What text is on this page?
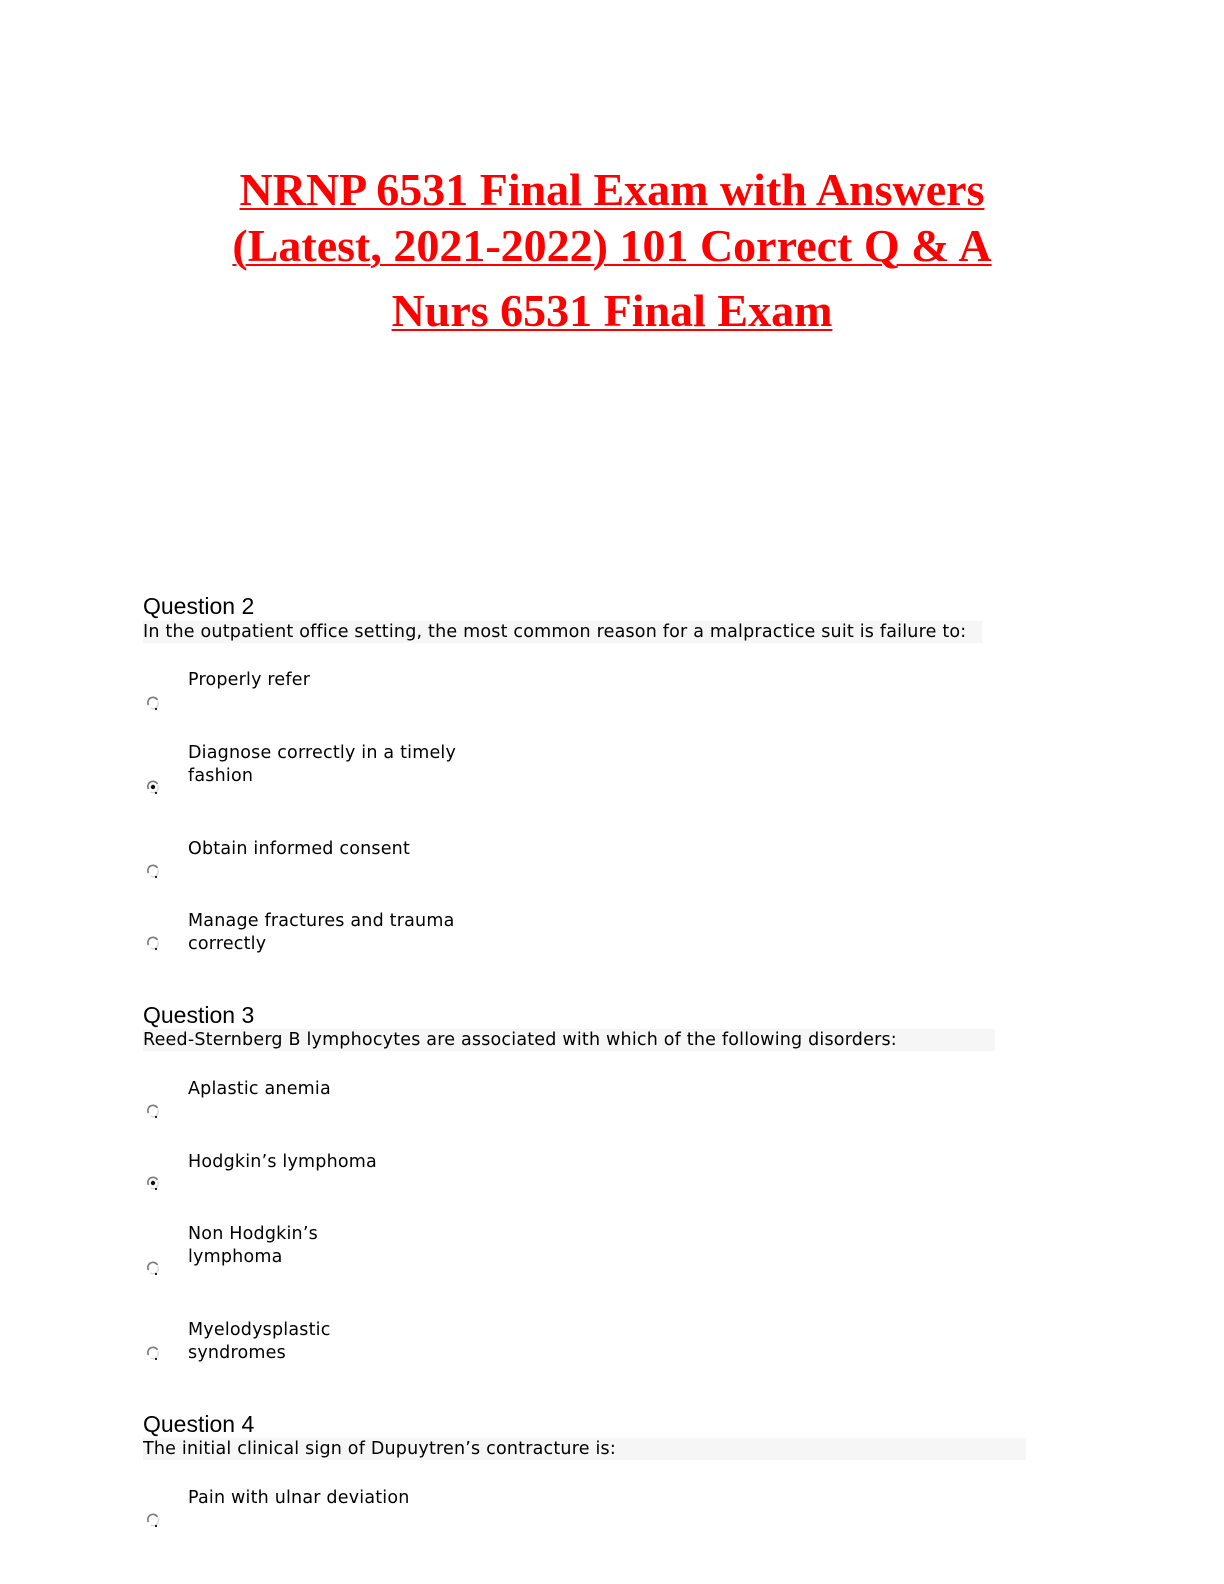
NRNP 6531 Final Exam with Answers
(Latest, 2021-2022) 101 Correct Q & A
Nurs 6531 Final Exam
Question 2

In the outpatient office setting, the most common reason for a malpractice suit is failure to:

Properly refer

Diagnose correctly in a timely
fashion

Obtain informed consent

Manage fractures and trauma
correctly

Question 3

Reed-Sternberg B lymphocytes are associated with which of the following disorders:

Aplastic anemia

Hodgkin’s lymphoma

Non Hodgkin’s
lymphoma

Myelodysplastic
syndromes

Question 4

The initial clinical sign of Dupuytren’s contracture is:

Pain with ulnar deviation
